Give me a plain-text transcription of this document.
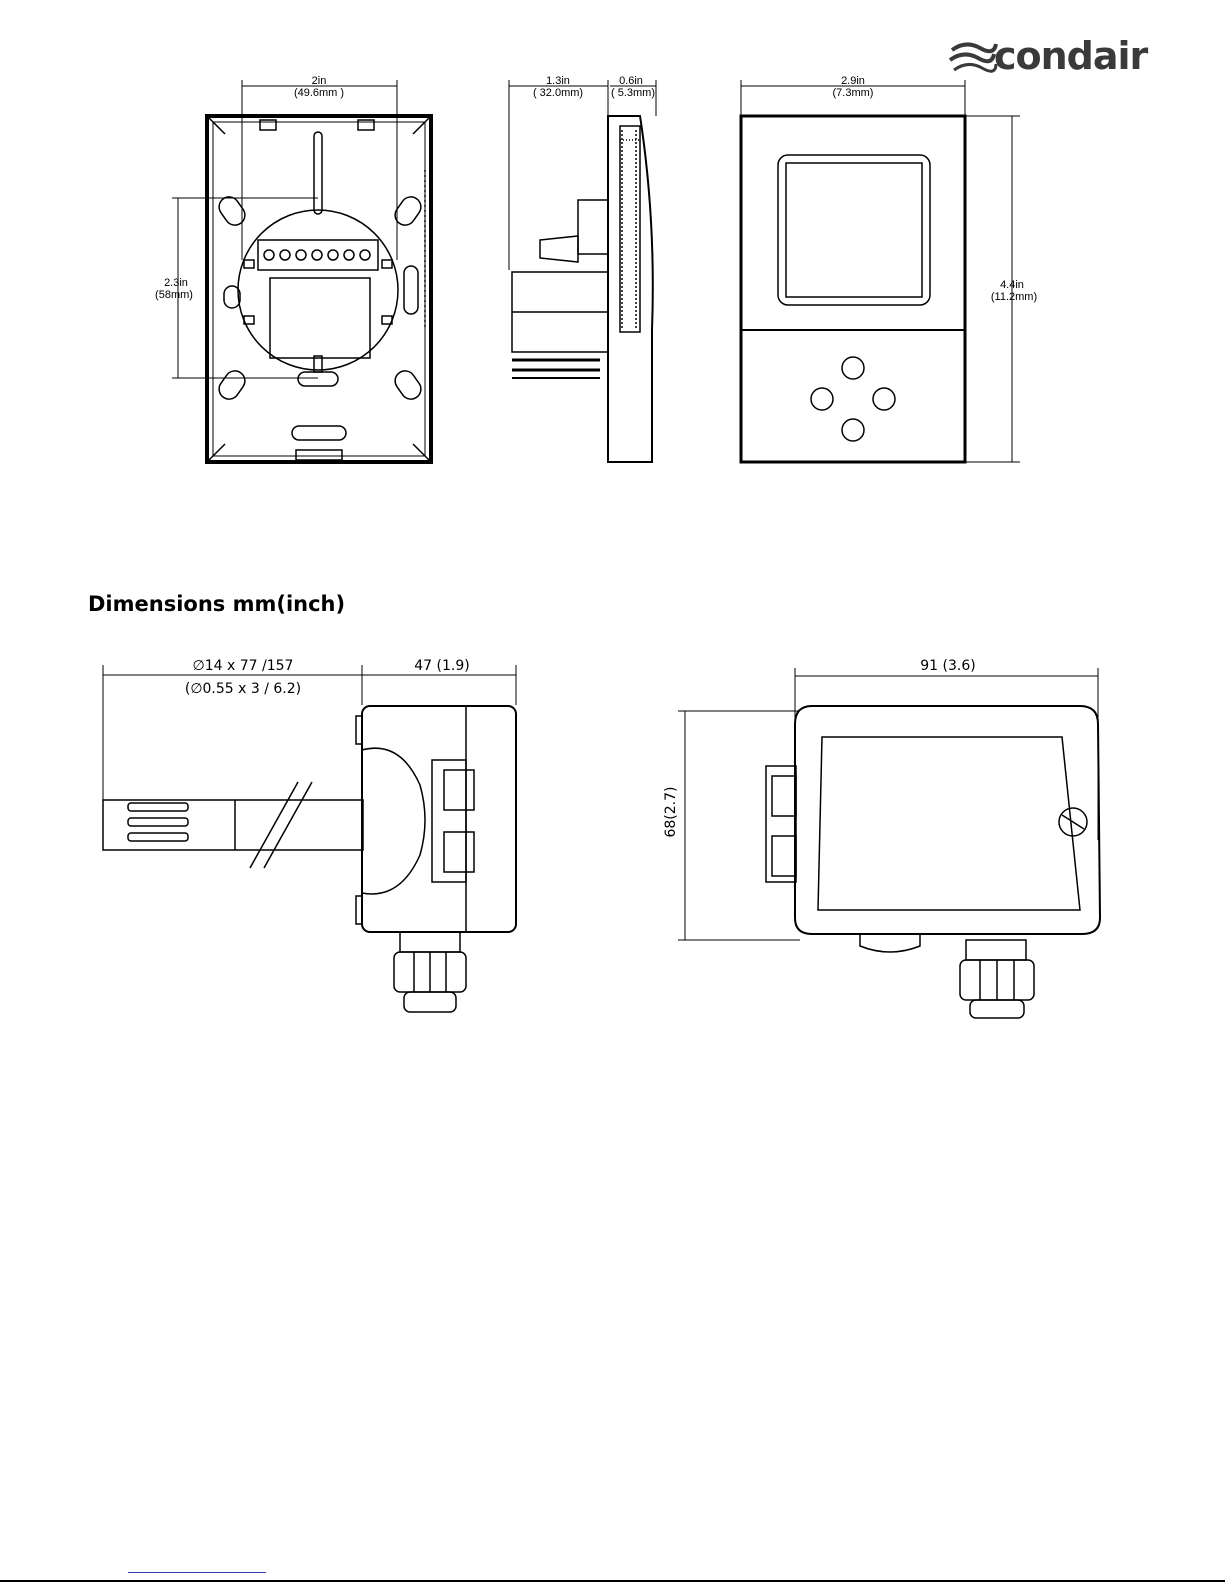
condair
2in
(49.6mm )
2.3in
(58mm)
1.3in
( 32.0mm)
0.6in
( 5.3mm)
2.9in
(7.3mm)
4.4in
(11.2mm)
∅14 x 77 /157
(∅0.55 x 3 / 6.2)
47 (1.9)	91 (3.6)
68(2.7)
Dimensions mm(inch)
